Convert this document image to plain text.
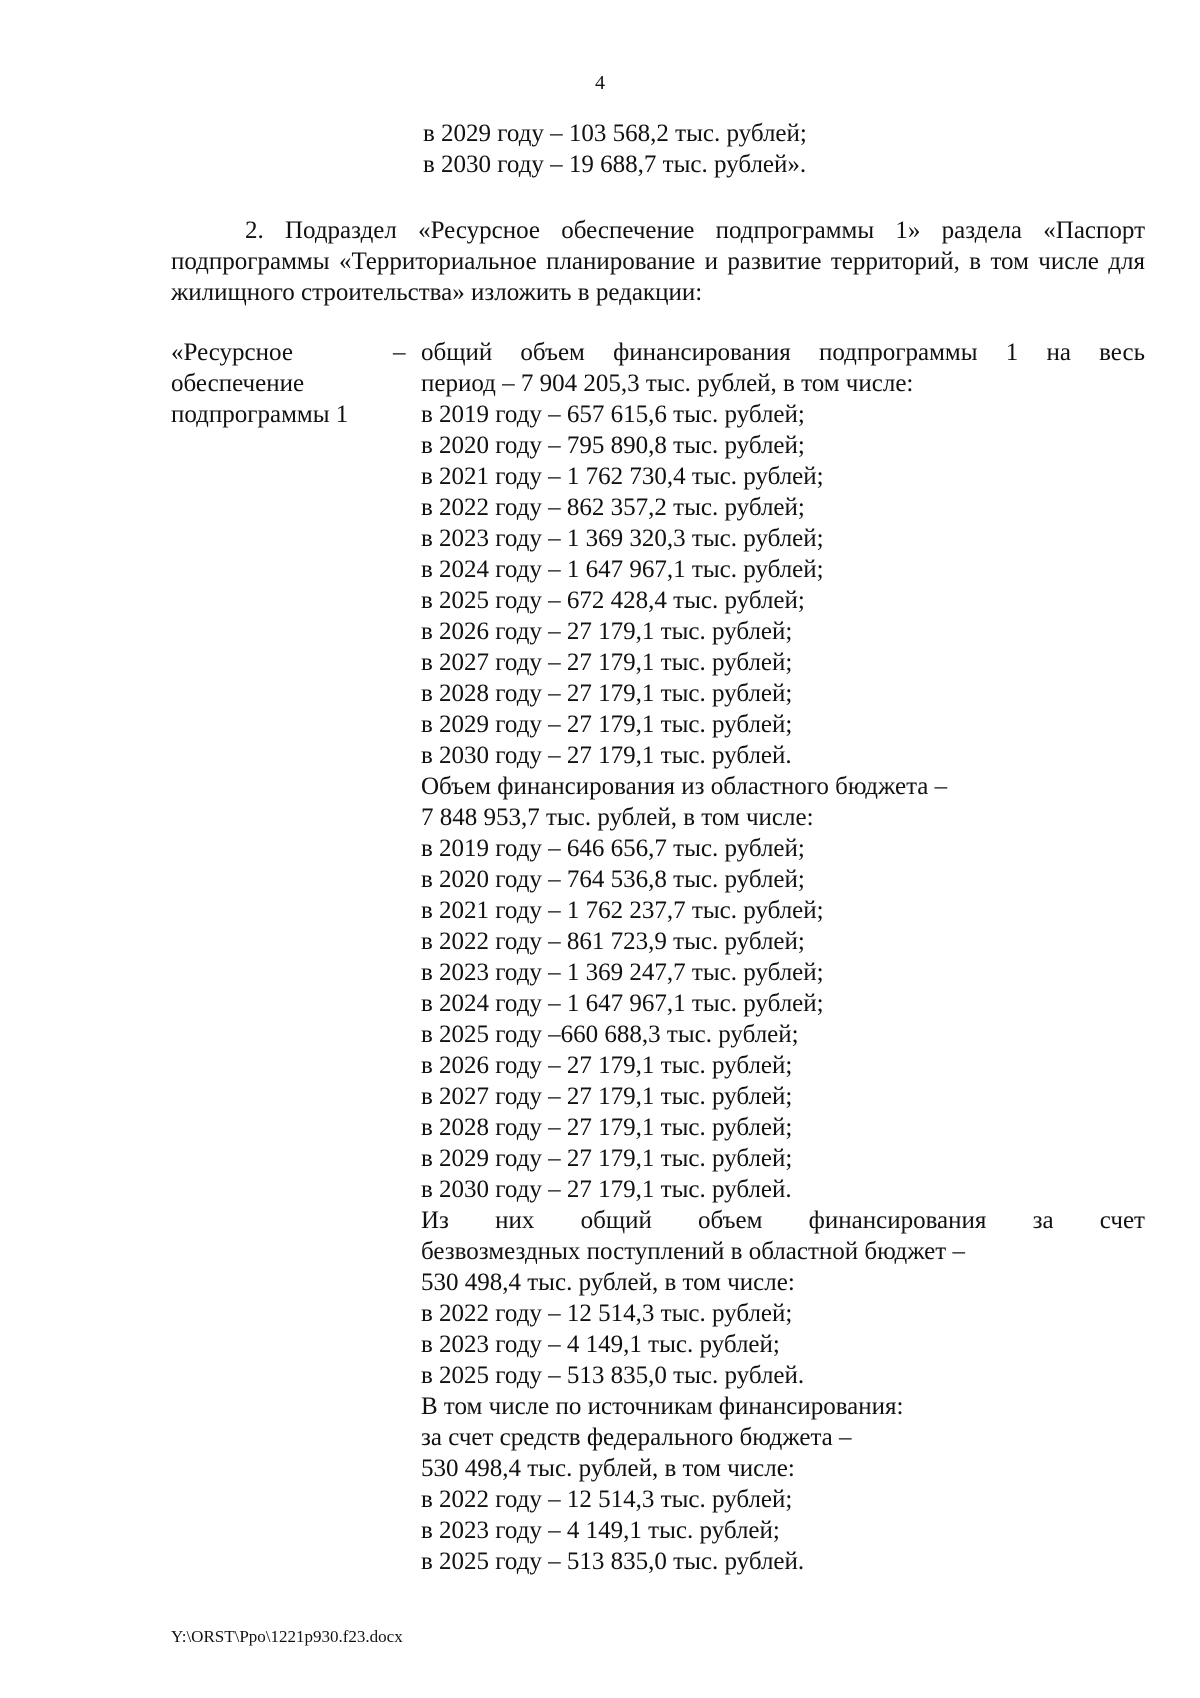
4
в 2029 году – 103 568,2 тыс. рублей;
в 2030 году – 19 688,7 тыс. рублей».
2. Подраздел «Ресурсное обеспечение подпрограммы 1» раздела «Паспорт подпрограммы «Территориальное планирование и развитие территорий, в том числе для жилищного строительства» изложить в редакции:
«Ресурсное
обеспечение
подпрограммы 1
– общий объем финансирования подпрограммы 1 на весь
период – 7 904 205,3 тыс. рублей, в том числе:
в 2019 году – 657 615,6 тыс. рублей;
в 2020 году – 795 890,8 тыс. рублей;
в 2021 году – 1 762 730,4 тыс. рублей;
в 2022 году – 862 357,2 тыс. рублей;
в 2023 году – 1 369 320,3 тыс. рублей;
в 2024 году – 1 647 967,1 тыс. рублей;
в 2025 году – 672 428,4 тыс. рублей;
в 2026 году – 27 179,1 тыс. рублей;
в 2027 году – 27 179,1 тыс. рублей;
в 2028 году – 27 179,1 тыс. рублей;
в 2029 году – 27 179,1 тыс. рублей;
в 2030 году – 27 179,1 тыс. рублей.
Объем финансирования из областного бюджета –
7 848 953,7 тыс. рублей, в том числе:
в 2019 году – 646 656,7 тыс. рублей;
в 2020 году – 764 536,8 тыс. рублей;
в 2021 году – 1 762 237,7 тыс. рублей;
в 2022 году – 861 723,9 тыс. рублей;
в 2023 году – 1 369 247,7 тыс. рублей;
в 2024 году – 1 647 967,1 тыс. рублей;
в 2025 году –660 688,3 тыс. рублей;
в 2026 году – 27 179,1 тыс. рублей;
в 2027 году – 27 179,1 тыс. рублей;
в 2028 году – 27 179,1 тыс. рублей;
в 2029 году – 27 179,1 тыс. рублей;
в 2030 году – 27 179,1 тыс. рублей.
Из них общий объем финансирования за счет
безвозмездных поступлений в областной бюджет –
530 498,4 тыс. рублей, в том числе:
в 2022 году – 12 514,3 тыс. рублей;
в 2023 году – 4 149,1 тыс. рублей;
в 2025 году – 513 835,0 тыс. рублей.
В том числе по источникам финансирования:
за счет средств федерального бюджета –
530 498,4 тыс. рублей, в том числе:
в 2022 году – 12 514,3 тыс. рублей;
в 2023 году – 4 149,1 тыс. рублей;
в 2025 году – 513 835,0 тыс. рублей.
Y:\ORST\Ppo\1221p930.f23.docx
